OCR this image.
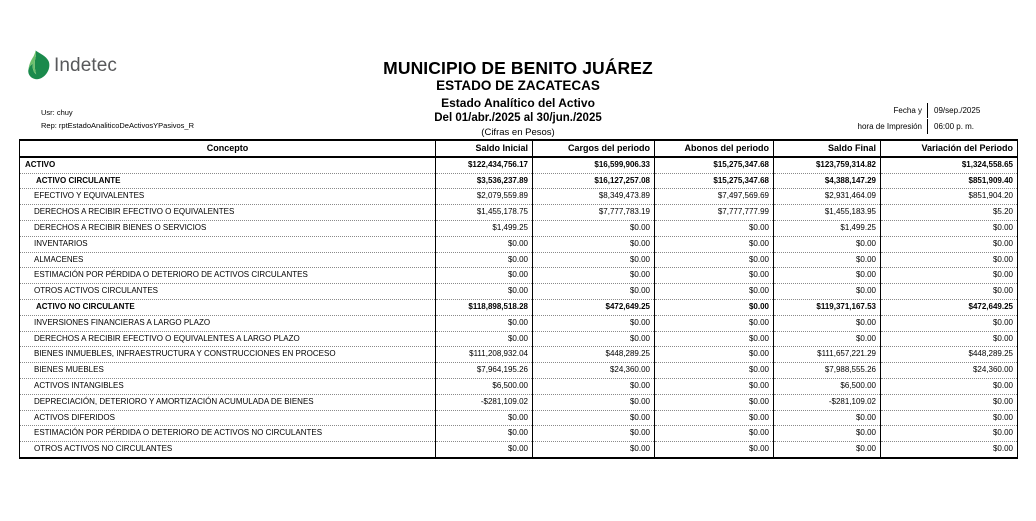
Indetec
Usr: chuy
Rep: rptEstadoAnaliticoDeActivosYPasivos_R
MUNICIPIO DE BENITO JUÁREZ
ESTADO DE ZACATECAS
Estado Analítico del Activo
Del 01/abr./2025 al 30/jun./2025
(Cifras en Pesos)
Fecha y	09/sep./2025
hora de Impresión	06:00 p. m.
Concepto	Saldo Inicial	Cargos del periodo	Abonos del periodo	Saldo Final	Variación del Periodo
ACTIVO	$122,434,756.17	$16,599,906.33	$15,275,347.68	$123,759,314.82	$1,324,558.65
ACTIVO CIRCULANTE	$3,536,237.89	$16,127,257.08	$15,275,347.68	$4,388,147.29	$851,909.40
EFECTIVO Y EQUIVALENTES	$2,079,559.89	$8,349,473.89	$7,497,569.69	$2,931,464.09	$851,904.20
DERECHOS A RECIBIR EFECTIVO O EQUIVALENTES	$1,455,178.75	$7,777,783.19	$7,777,777.99	$1,455,183.95	$5.20
DERECHOS A RECIBIR BIENES O SERVICIOS	$1,499.25	$0.00	$0.00	$1,499.25	$0.00
INVENTARIOS	$0.00	$0.00	$0.00	$0.00	$0.00
ALMACENES	$0.00	$0.00	$0.00	$0.00	$0.00
ESTIMACIÓN POR PÉRDIDA O DETERIORO DE ACTIVOS CIRCULANTES	$0.00	$0.00	$0.00	$0.00	$0.00
OTROS ACTIVOS CIRCULANTES	$0.00	$0.00	$0.00	$0.00	$0.00
ACTIVO NO CIRCULANTE	$118,898,518.28	$472,649.25	$0.00	$119,371,167.53	$472,649.25
INVERSIONES FINANCIERAS A LARGO PLAZO	$0.00	$0.00	$0.00	$0.00	$0.00
DERECHOS A RECIBIR EFECTIVO O EQUIVALENTES A LARGO PLAZO	$0.00	$0.00	$0.00	$0.00	$0.00
BIENES INMUEBLES, INFRAESTRUCTURA Y CONSTRUCCIONES EN PROCESO	$111,208,932.04	$448,289.25	$0.00	$111,657,221.29	$448,289.25
BIENES MUEBLES	$7,964,195.26	$24,360.00	$0.00	$7,988,555.26	$24,360.00
ACTIVOS INTANGIBLES	$6,500.00	$0.00	$0.00	$6,500.00	$0.00
DEPRECIACIÓN, DETERIORO Y AMORTIZACIÓN ACUMULADA DE BIENES	-$281,109.02	$0.00	$0.00	-$281,109.02	$0.00
ACTIVOS DIFERIDOS	$0.00	$0.00	$0.00	$0.00	$0.00
ESTIMACIÓN POR PÉRDIDA O DETERIORO DE ACTIVOS NO CIRCULANTES	$0.00	$0.00	$0.00	$0.00	$0.00
OTROS ACTIVOS NO CIRCULANTES	$0.00	$0.00	$0.00	$0.00	$0.00
